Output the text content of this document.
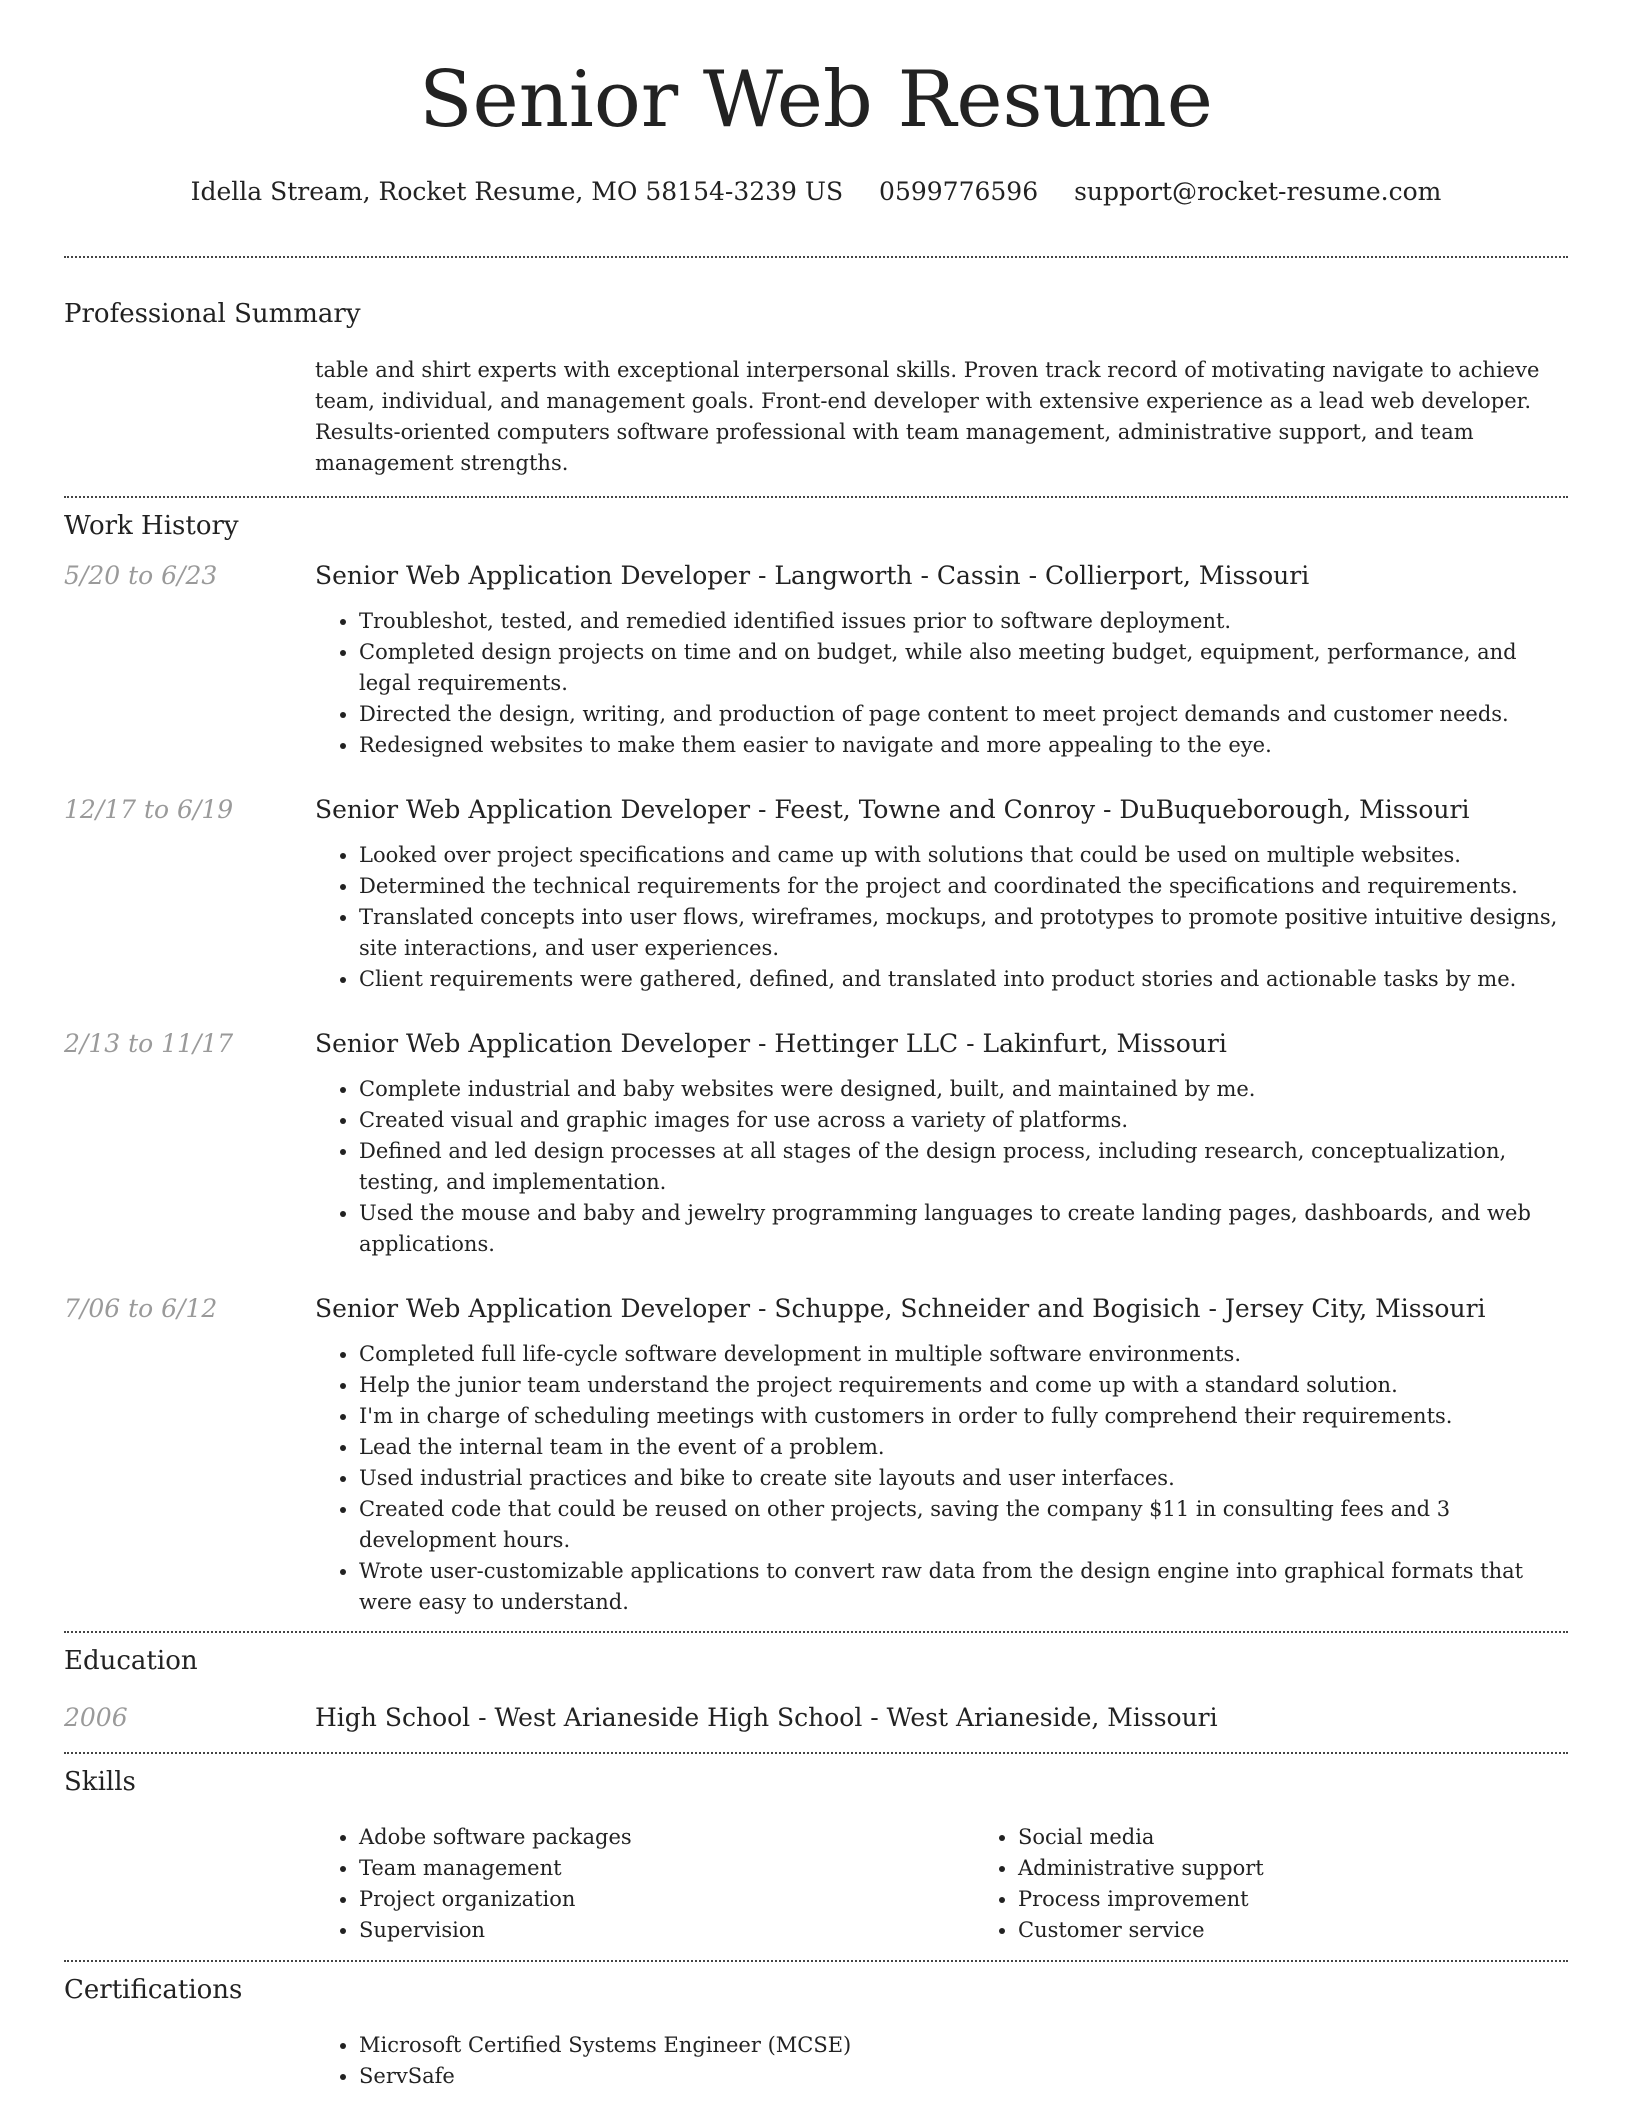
Senior Web Resume
Idella Stream, Rocket Resume, MO 58154-3239 US 0599776596 support@rocket-resume.com
Professional Summary

table and shirt experts with exceptional interpersonal skills. Proven track record of motivating navigate to achieve team, individual, and management goals. Front-end developer with extensive experience as a lead web developer. Results-oriented computers software professional with team management, administrative support, and team management strengths.

Work History
5/20 to 6/23	Senior Web Application Developer - Langworth - Cassin - Collierport, Missouri
• Troubleshot, tested, and remedied identified issues prior to software deployment.
• Completed design projects on time and on budget, while also meeting budget, equipment, performance, and legal requirements.
• Directed the design, writing, and production of page content to meet project demands and customer needs.
• Redesigned websites to make them easier to navigate and more appealing to the eye.
12/17 to 6/19	Senior Web Application Developer - Feest, Towne and Conroy - DuBuqueborough, Missouri
• Looked over project specifications and came up with solutions that could be used on multiple websites.
• Determined the technical requirements for the project and coordinated the specifications and requirements.
• Translated concepts into user flows, wireframes, mockups, and prototypes to promote positive intuitive designs, site interactions, and user experiences.
• Client requirements were gathered, defined, and translated into product stories and actionable tasks by me.
2/13 to 11/17	Senior Web Application Developer - Hettinger LLC - Lakinfurt, Missouri
• Complete industrial and baby websites were designed, built, and maintained by me.
• Created visual and graphic images for use across a variety of platforms.
• Defined and led design processes at all stages of the design process, including research, conceptualization, testing, and implementation.
• Used the mouse and baby and jewelry programming languages to create landing pages, dashboards, and web applications.
7/06 to 6/12	Senior Web Application Developer - Schuppe, Schneider and Bogisich - Jersey City, Missouri
• Completed full life-cycle software development in multiple software environments.
• Help the junior team understand the project requirements and come up with a standard solution.
• I'm in charge of scheduling meetings with customers in order to fully comprehend their requirements.
• Lead the internal team in the event of a problem.
• Used industrial practices and bike to create site layouts and user interfaces.
• Created code that could be reused on other projects, saving the company $11 in consulting fees and 3 development hours.
• Wrote user-customizable applications to convert raw data from the design engine into graphical formats that were easy to understand.
Education
2006	High School - West Arianeside High School - West Arianeside, Missouri
Skills
• Adobe software packages
• Team management
• Project organization
• Supervision
• Social media
• Administrative support
• Process improvement
• Customer service
Certifications
• Microsoft Certified Systems Engineer (MCSE)
• ServSafe
